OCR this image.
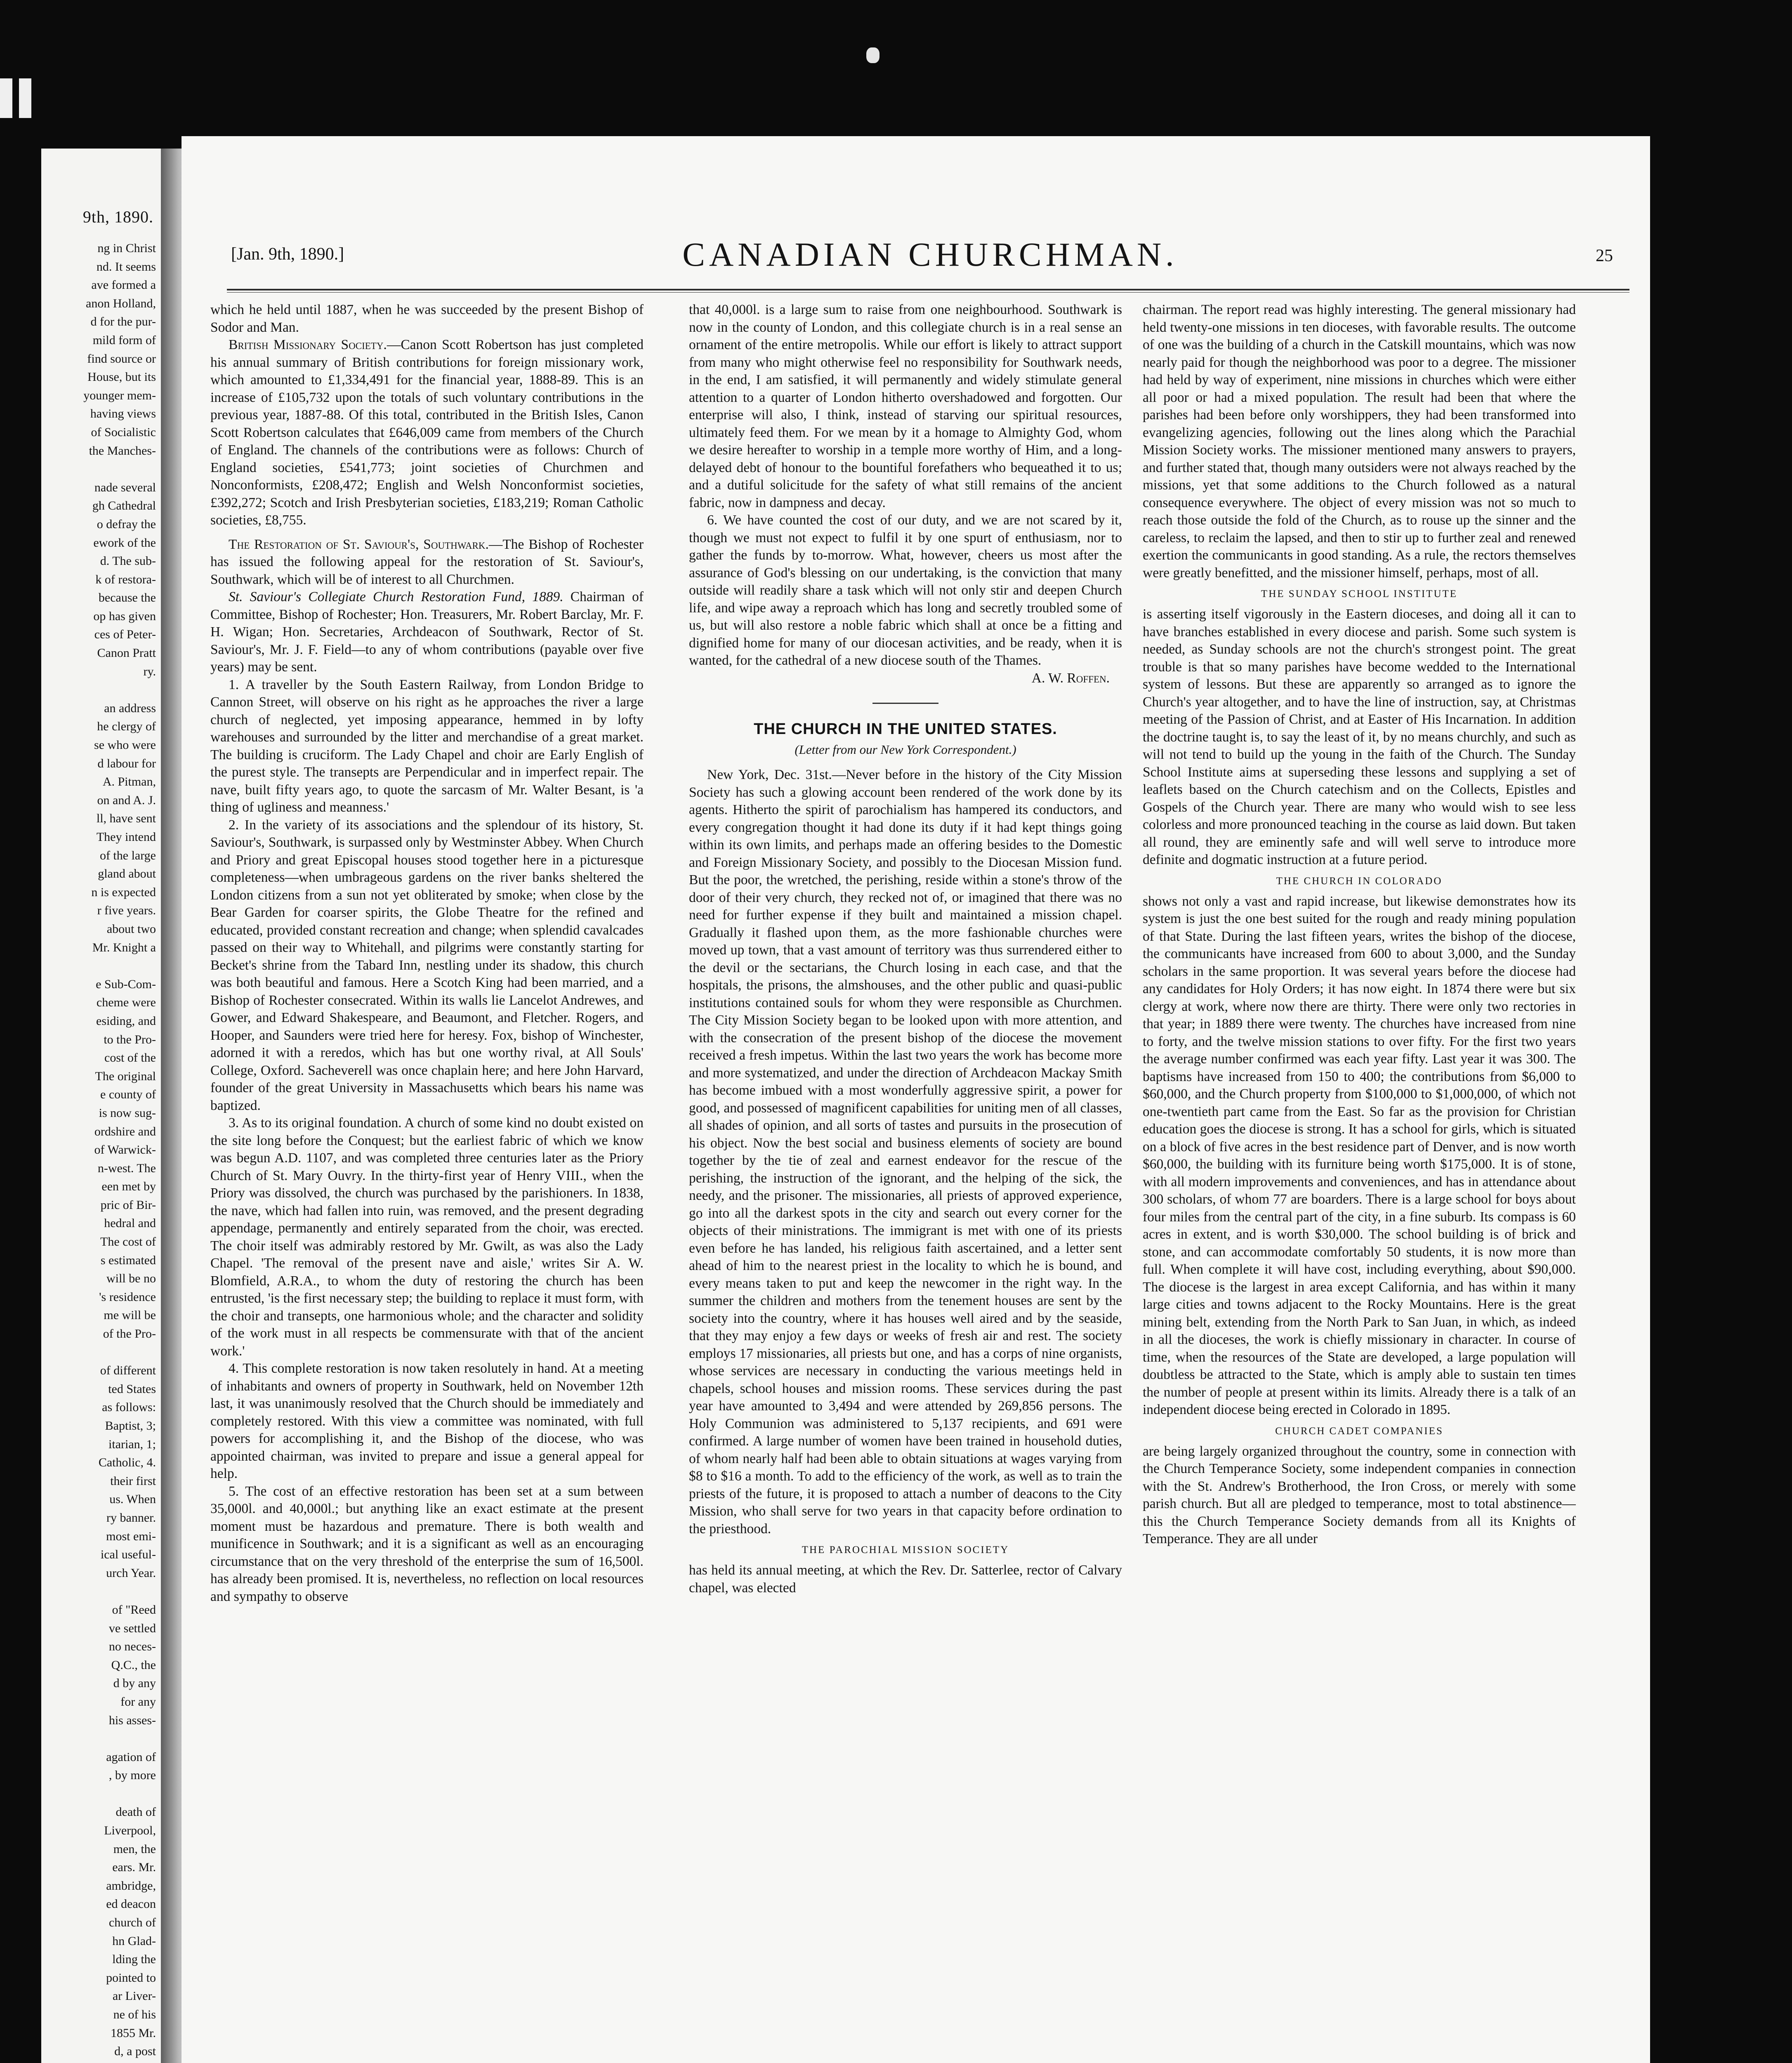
9th, 1890.
ng in Christ
nd. It seems
ave formed a
anon Holland,
d for the pur-
mild form of
find source or
House, but its
younger mem-
having views
of Socialistic
the Manches-

nade several
gh Cathedral
o defray the
ework of the
d. The sub-
k of restora-
because the
op has given
ces of Peter-
Canon Pratt
ry.

an address
he clergy of
se who were
d labour for
A. Pitman,
on and A. J.
ll, have sent
They intend
of the large
gland about
n is expected
r five years.
about two
Mr. Knight a

e Sub-Com-
cheme were
esiding, and
to the Pro-
cost of the
The original
e county of
is now sug-
ordshire and
of Warwick-
n-west. The
een met by
pric of Bir-
hedral and
The cost of
s estimated
will be no
's residence
me will be
of the Pro-

of different
ted States
as follows:
Baptist, 3;
itarian, 1;
Catholic, 4.
their first
us. When
ry banner.
most emi-
ical useful-
urch Year.

of "Reed
ve settled
no neces-
Q.C., the
d by any
for any
his asses-

agation of
, by more

death of
Liverpool,
men, the
ears. Mr.
ambridge,
ed deacon
church of
hn Glad-
lding the
pointed to
ar Liver-
ne of his
1855 Mr.
d, a post
[Jan. 9th, 1890.]	CANADIAN CHURCHMAN.	25

which he held until 1887, when he was succeeded by the present Bishop of Sodor and Man.

British Missionary Society.—Canon Scott Robertson has just completed his annual summary of British contributions for foreign missionary work, which amounted to £1,334,491 for the financial year, 1888-89. This is an increase of £105,732 upon the totals of such voluntary contributions in the previous year, 1887-88. Of this total, contributed in the British Isles, Canon Scott Robertson calculates that £646,009 came from members of the Church of England. The channels of the contributions were as follows: Church of England societies, £541,773; joint societies of Churchmen and Nonconformists, £208,472; English and Welsh Nonconformist societies, £392,272; Scotch and Irish Presbyterian societies, £183,219; Roman Catholic societies, £8,755.

The Restoration of St. Saviour's, Southwark.—The Bishop of Rochester has issued the following appeal for the restoration of St. Saviour's, Southwark, which will be of interest to all Churchmen.

St. Saviour's Collegiate Church Restoration Fund, 1889. Chairman of Committee, Bishop of Rochester; Hon. Treasurers, Mr. Robert Barclay, Mr. F. H. Wigan; Hon. Secretaries, Archdeacon of Southwark, Rector of St. Saviour's, Mr. J. F. Field—to any of whom contributions (payable over five years) may be sent.

1. A traveller by the South Eastern Railway, from London Bridge to Cannon Street, will observe on his right as he approaches the river a large church of neglected, yet imposing appearance, hemmed in by lofty warehouses and surrounded by the litter and merchandise of a great market. The building is cruciform. The Lady Chapel and choir are Early English of the purest style. The transepts are Perpendicular and in imperfect repair. The nave, built fifty years ago, to quote the sarcasm of Mr. Walter Besant, is 'a thing of ugliness and meanness.'

2. In the variety of its associations and the splendour of its history, St. Saviour's, Southwark, is surpassed only by Westminster Abbey. When Church and Priory and great Episcopal houses stood together here in a picturesque completeness—when umbrageous gardens on the river banks sheltered the London citizens from a sun not yet obliterated by smoke; when close by the Bear Garden for coarser spirits, the Globe Theatre for the refined and educated, provided constant recreation and change; when splendid cavalcades passed on their way to Whitehall, and pilgrims were constantly starting for Becket's shrine from the Tabard Inn, nestling under its shadow, this church was both beautiful and famous. Here a Scotch King had been married, and a Bishop of Rochester consecrated. Within its walls lie Lancelot Andrewes, and Gower, and Edward Shakespeare, and Beaumont, and Fletcher. Rogers, and Hooper, and Saunders were tried here for heresy. Fox, bishop of Winchester, adorned it with a reredos, which has but one worthy rival, at All Souls' College, Oxford. Sacheverell was once chaplain here; and here John Harvard, founder of the great University in Massachusetts which bears his name was baptized.

3. As to its original foundation. A church of some kind no doubt existed on the site long before the Conquest; but the earliest fabric of which we know was begun A.D. 1107, and was completed three centuries later as the Priory Church of St. Mary Ouvry. In the thirty-first year of Henry VIII., when the Priory was dissolved, the church was purchased by the parishioners. In 1838, the nave, which had fallen into ruin, was removed, and the present degrading appendage, permanently and entirely separated from the choir, was erected. The choir itself was admirably restored by Mr. Gwilt, as was also the Lady Chapel. 'The removal of the present nave and aisle,' writes Sir A. W. Blomfield, A.R.A., to whom the duty of restoring the church has been entrusted, 'is the first necessary step; the building to replace it must form, with the choir and transepts, one harmonious whole; and the character and solidity of the work must in all respects be commensurate with that of the ancient work.'

4. This complete restoration is now taken resolutely in hand. At a meeting of inhabitants and owners of property in Southwark, held on November 12th last, it was unanimously resolved that the Church should be immediately and completely restored. With this view a committee was nominated, with full powers for accomplishing it, and the Bishop of the diocese, who was appointed chairman, was invited to prepare and issue a general appeal for help.

5. The cost of an effective restoration has been set at a sum between 35,000l. and 40,000l.; but anything like an exact estimate at the present moment must be hazardous and premature. There is both wealth and munificence in Southwark; and it is a significant as well as an encouraging circumstance that on the very threshold of the enterprise the sum of 16,500l. has already been promised. It is, nevertheless, no reflection on local resources and sympathy to observe

that 40,000l. is a large sum to raise from one neighbourhood. Southwark is now in the county of London, and this collegiate church is in a real sense an ornament of the entire metropolis. While our effort is likely to attract support from many who might otherwise feel no responsibility for Southwark needs, in the end, I am satisfied, it will permanently and widely stimulate general attention to a quarter of London hitherto overshadowed and forgotten. Our enterprise will also, I think, instead of starving our spiritual resources, ultimately feed them. For we mean by it a homage to Almighty God, whom we desire hereafter to worship in a temple more worthy of Him, and a long-delayed debt of honour to the bountiful forefathers who bequeathed it to us; and a dutiful solicitude for the safety of what still remains of the ancient fabric, now in dampness and decay.

6. We have counted the cost of our duty, and we are not scared by it, though we must not expect to fulfil it by one spurt of enthusiasm, nor to gather the funds by to-morrow. What, however, cheers us most after the assurance of God's blessing on our undertaking, is the conviction that many outside will readily share a task which will not only stir and deepen Church life, and wipe away a reproach which has long and secretly troubled some of us, but will also restore a noble fabric which shall at once be a fitting and dignified home for many of our diocesan activities, and be ready, when it is wanted, for the cathedral of a new diocese south of the Thames.

A. W. Roffen.

THE CHURCH IN THE UNITED STATES.
(Letter from our New York Correspondent.)

New York, Dec. 31st.—Never before in the history of the City Mission Society has such a glowing account been rendered of the work done by its agents. Hitherto the spirit of parochialism has hampered its conductors, and every congregation thought it had done its duty if it had kept things going within its own limits, and perhaps made an offering besides to the Domestic and Foreign Missionary Society, and possibly to the Diocesan Mission fund. But the poor, the wretched, the perishing, reside within a stone's throw of the door of their very church, they recked not of, or imagined that there was no need for further expense if they built and maintained a mission chapel. Gradually it flashed upon them, as the more fashionable churches were moved up town, that a vast amount of territory was thus surrendered either to the devil or the sectarians, the Church losing in each case, and that the hospitals, the prisons, the almshouses, and the other public and quasi-public institutions contained souls for whom they were responsible as Churchmen. The City Mission Society began to be looked upon with more attention, and with the consecration of the present bishop of the diocese the movement received a fresh impetus. Within the last two years the work has become more and more systematized, and under the direction of Archdeacon Mackay Smith has become imbued with a most wonderfully aggressive spirit, a power for good, and possessed of magnificent capabilities for uniting men of all classes, all shades of opinion, and all sorts of tastes and pursuits in the prosecution of his object. Now the best social and business elements of society are bound together by the tie of zeal and earnest endeavor for the rescue of the perishing, the instruction of the ignorant, and the helping of the sick, the needy, and the prisoner. The missionaries, all priests of approved experience, go into all the darkest spots in the city and search out every corner for the objects of their ministrations. The immigrant is met with one of its priests even before he has landed, his religious faith ascertained, and a letter sent ahead of him to the nearest priest in the locality to which he is bound, and every means taken to put and keep the newcomer in the right way. In the summer the children and mothers from the tenement houses are sent by the society into the country, where it has houses well aired and by the seaside, that they may enjoy a few days or weeks of fresh air and rest. The society employs 17 missionaries, all priests but one, and has a corps of nine organists, whose services are necessary in conducting the various meetings held in chapels, school houses and mission rooms. These services during the past year have amounted to 3,494 and were attended by 269,856 persons. The Holy Communion was administered to 5,137 recipients, and 691 were confirmed. A large number of women have been trained in household duties, of whom nearly half had been able to obtain situations at wages varying from $8 to $16 a month. To add to the efficiency of the work, as well as to train the priests of the future, it is proposed to attach a number of deacons to the City Mission, who shall serve for two years in that capacity before ordination to the priesthood.

THE PAROCHIAL MISSION SOCIETY

has held its annual meeting, at which the Rev. Dr. Satterlee, rector of Calvary chapel, was elected

chairman. The report read was highly interesting. The general missionary had held twenty-one missions in ten dioceses, with favorable results. The outcome of one was the building of a church in the Catskill mountains, which was now nearly paid for though the neighborhood was poor to a degree. The missioner had held by way of experiment, nine missions in churches which were either all poor or had a mixed population. The result had been that where the parishes had been before only worshippers, they had been transformed into evangelizing agencies, following out the lines along which the Parachial Mission Society works. The missioner mentioned many answers to prayers, and further stated that, though many outsiders were not always reached by the missions, yet that some additions to the Church followed as a natural consequence everywhere. The object of every mission was not so much to reach those outside the fold of the Church, as to rouse up the sinner and the careless, to reclaim the lapsed, and then to stir up to further zeal and renewed exertion the communicants in good standing. As a rule, the rectors themselves were greatly benefitted, and the missioner himself, perhaps, most of all.

THE SUNDAY SCHOOL INSTITUTE

is asserting itself vigorously in the Eastern dioceses, and doing all it can to have branches established in every diocese and parish. Some such system is needed, as Sunday schools are not the church's strongest point. The great trouble is that so many parishes have become wedded to the International system of lessons. But these are apparently so arranged as to ignore the Church's year altogether, and to have the line of instruction, say, at Christmas meeting of the Passion of Christ, and at Easter of His Incarnation. In addition the doctrine taught is, to say the least of it, by no means churchly, and such as will not tend to build up the young in the faith of the Church. The Sunday School Institute aims at superseding these lessons and supplying a set of leaflets based on the Church catechism and on the Collects, Epistles and Gospels of the Church year. There are many who would wish to see less colorless and more pronounced teaching in the course as laid down. But taken all round, they are eminently safe and will well serve to introduce more definite and dogmatic instruction at a future period.

THE CHURCH IN COLORADO

shows not only a vast and rapid increase, but likewise demonstrates how its system is just the one best suited for the rough and ready mining population of that State. During the last fifteen years, writes the bishop of the diocese, the communicants have increased from 600 to about 3,000, and the Sunday scholars in the same proportion. It was several years before the diocese had any candidates for Holy Orders; it has now eight. In 1874 there were but six clergy at work, where now there are thirty. There were only two rectories in that year; in 1889 there were twenty. The churches have increased from nine to forty, and the twelve mission stations to over fifty. For the first two years the average number confirmed was each year fifty. Last year it was 300. The baptisms have increased from 150 to 400; the contributions from $6,000 to $60,000, and the Church property from $100,000 to $1,000,000, of which not one-twentieth part came from the East. So far as the provision for Christian education goes the diocese is strong. It has a school for girls, which is situated on a block of five acres in the best residence part of Denver, and is now worth $60,000, the building with its furniture being worth $175,000. It is of stone, with all modern improvements and conveniences, and has in attendance about 300 scholars, of whom 77 are boarders. There is a large school for boys about four miles from the central part of the city, in a fine suburb. Its compass is 60 acres in extent, and is worth $30,000. The school building is of brick and stone, and can accommodate comfortably 50 students, it is now more than full. When complete it will have cost, including everything, about $90,000. The diocese is the largest in area except California, and has within it many large cities and towns adjacent to the Rocky Mountains. Here is the great mining belt, extending from the North Park to San Juan, in which, as indeed in all the dioceses, the work is chiefly missionary in character. In course of time, when the resources of the State are developed, a large population will doubtless be attracted to the State, which is amply able to sustain ten times the number of people at present within its limits. Already there is a talk of an independent diocese being erected in Colorado in 1895.

CHURCH CADET COMPANIES

are being largely organized throughout the country, some in connection with the Church Temperance Society, some independent companies in connection with the St. Andrew's Brotherhood, the Iron Cross, or merely with some parish church. But all are pledged to temperance, most to total abstinence—this the Church Temperance Society demands from all its Knights of Temperance. They are all under
